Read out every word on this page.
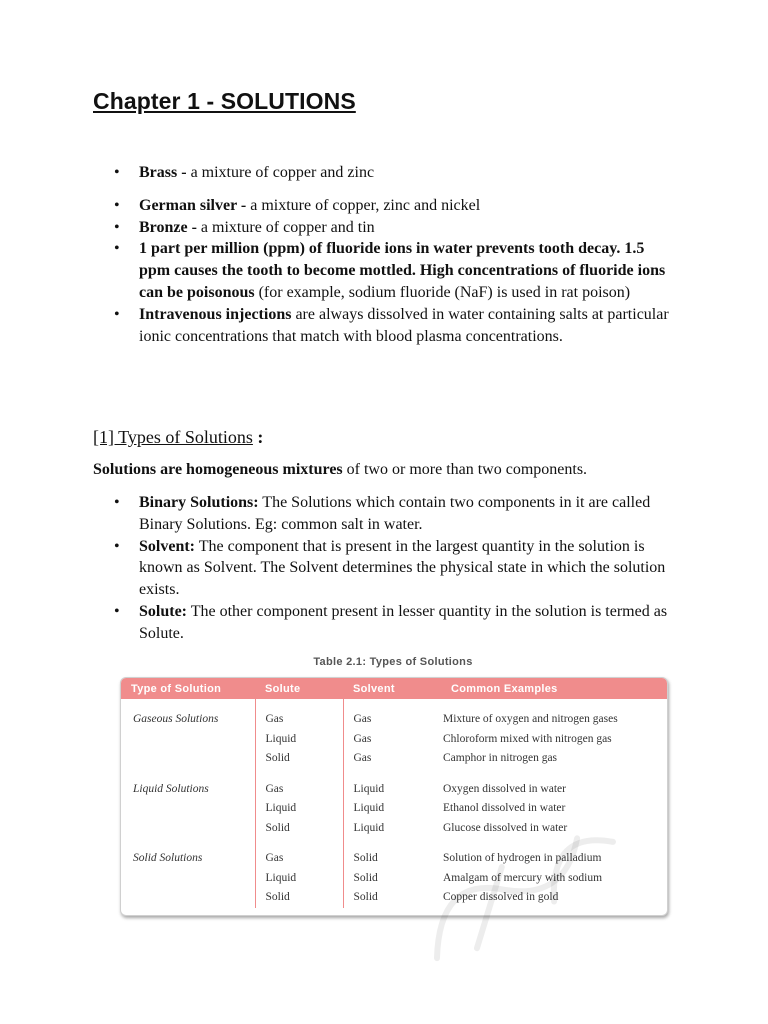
Chapter 1 - SOLUTIONS
• Brass - a mixture of copper and zinc
• German silver - a mixture of copper, zinc and nickel
• Bronze - a mixture of copper and tin
• 1 part per million (ppm) of fluoride ions in water prevents tooth decay. 1.5 ppm causes the tooth to become mottled. High concentrations of fluoride ions can be poisonous (for example, sodium fluoride (NaF) is used in rat poison)
• Intravenous injections are always dissolved in water containing salts at particular ionic concentrations that match with blood plasma concentrations.
[1] Types of Solutions :

Solutions are homogeneous mixtures of two or more than two components.

• Binary Solutions: The Solutions which contain two components in it are called Binary Solutions. Eg: common salt in water.
• Solvent: The component that is present in the largest quantity in the solution is known as Solvent. The Solvent determines the physical state in which the solution exists.
• Solute: The other component present in lesser quantity in the solution is termed as Solute.
Table 2.1: Types of Solutions
Type of Solution	Solute	Solvent	Common Examples
Gaseous Solutions	Gas	Gas	Mixture of oxygen and nitrogen gases
	Liquid	Gas	Chloroform mixed with nitrogen gas
	Solid	Gas	Camphor in nitrogen gas

Liquid Solutions	Gas	Liquid	Oxygen dissolved in water
	Liquid	Liquid	Ethanol dissolved in water
	Solid	Liquid	Glucose dissolved in water

Solid Solutions	Gas	Solid	Solution of hydrogen in palladium
	Liquid	Solid	Amalgam of mercury with sodium
	Solid	Solid	Copper dissolved in gold
